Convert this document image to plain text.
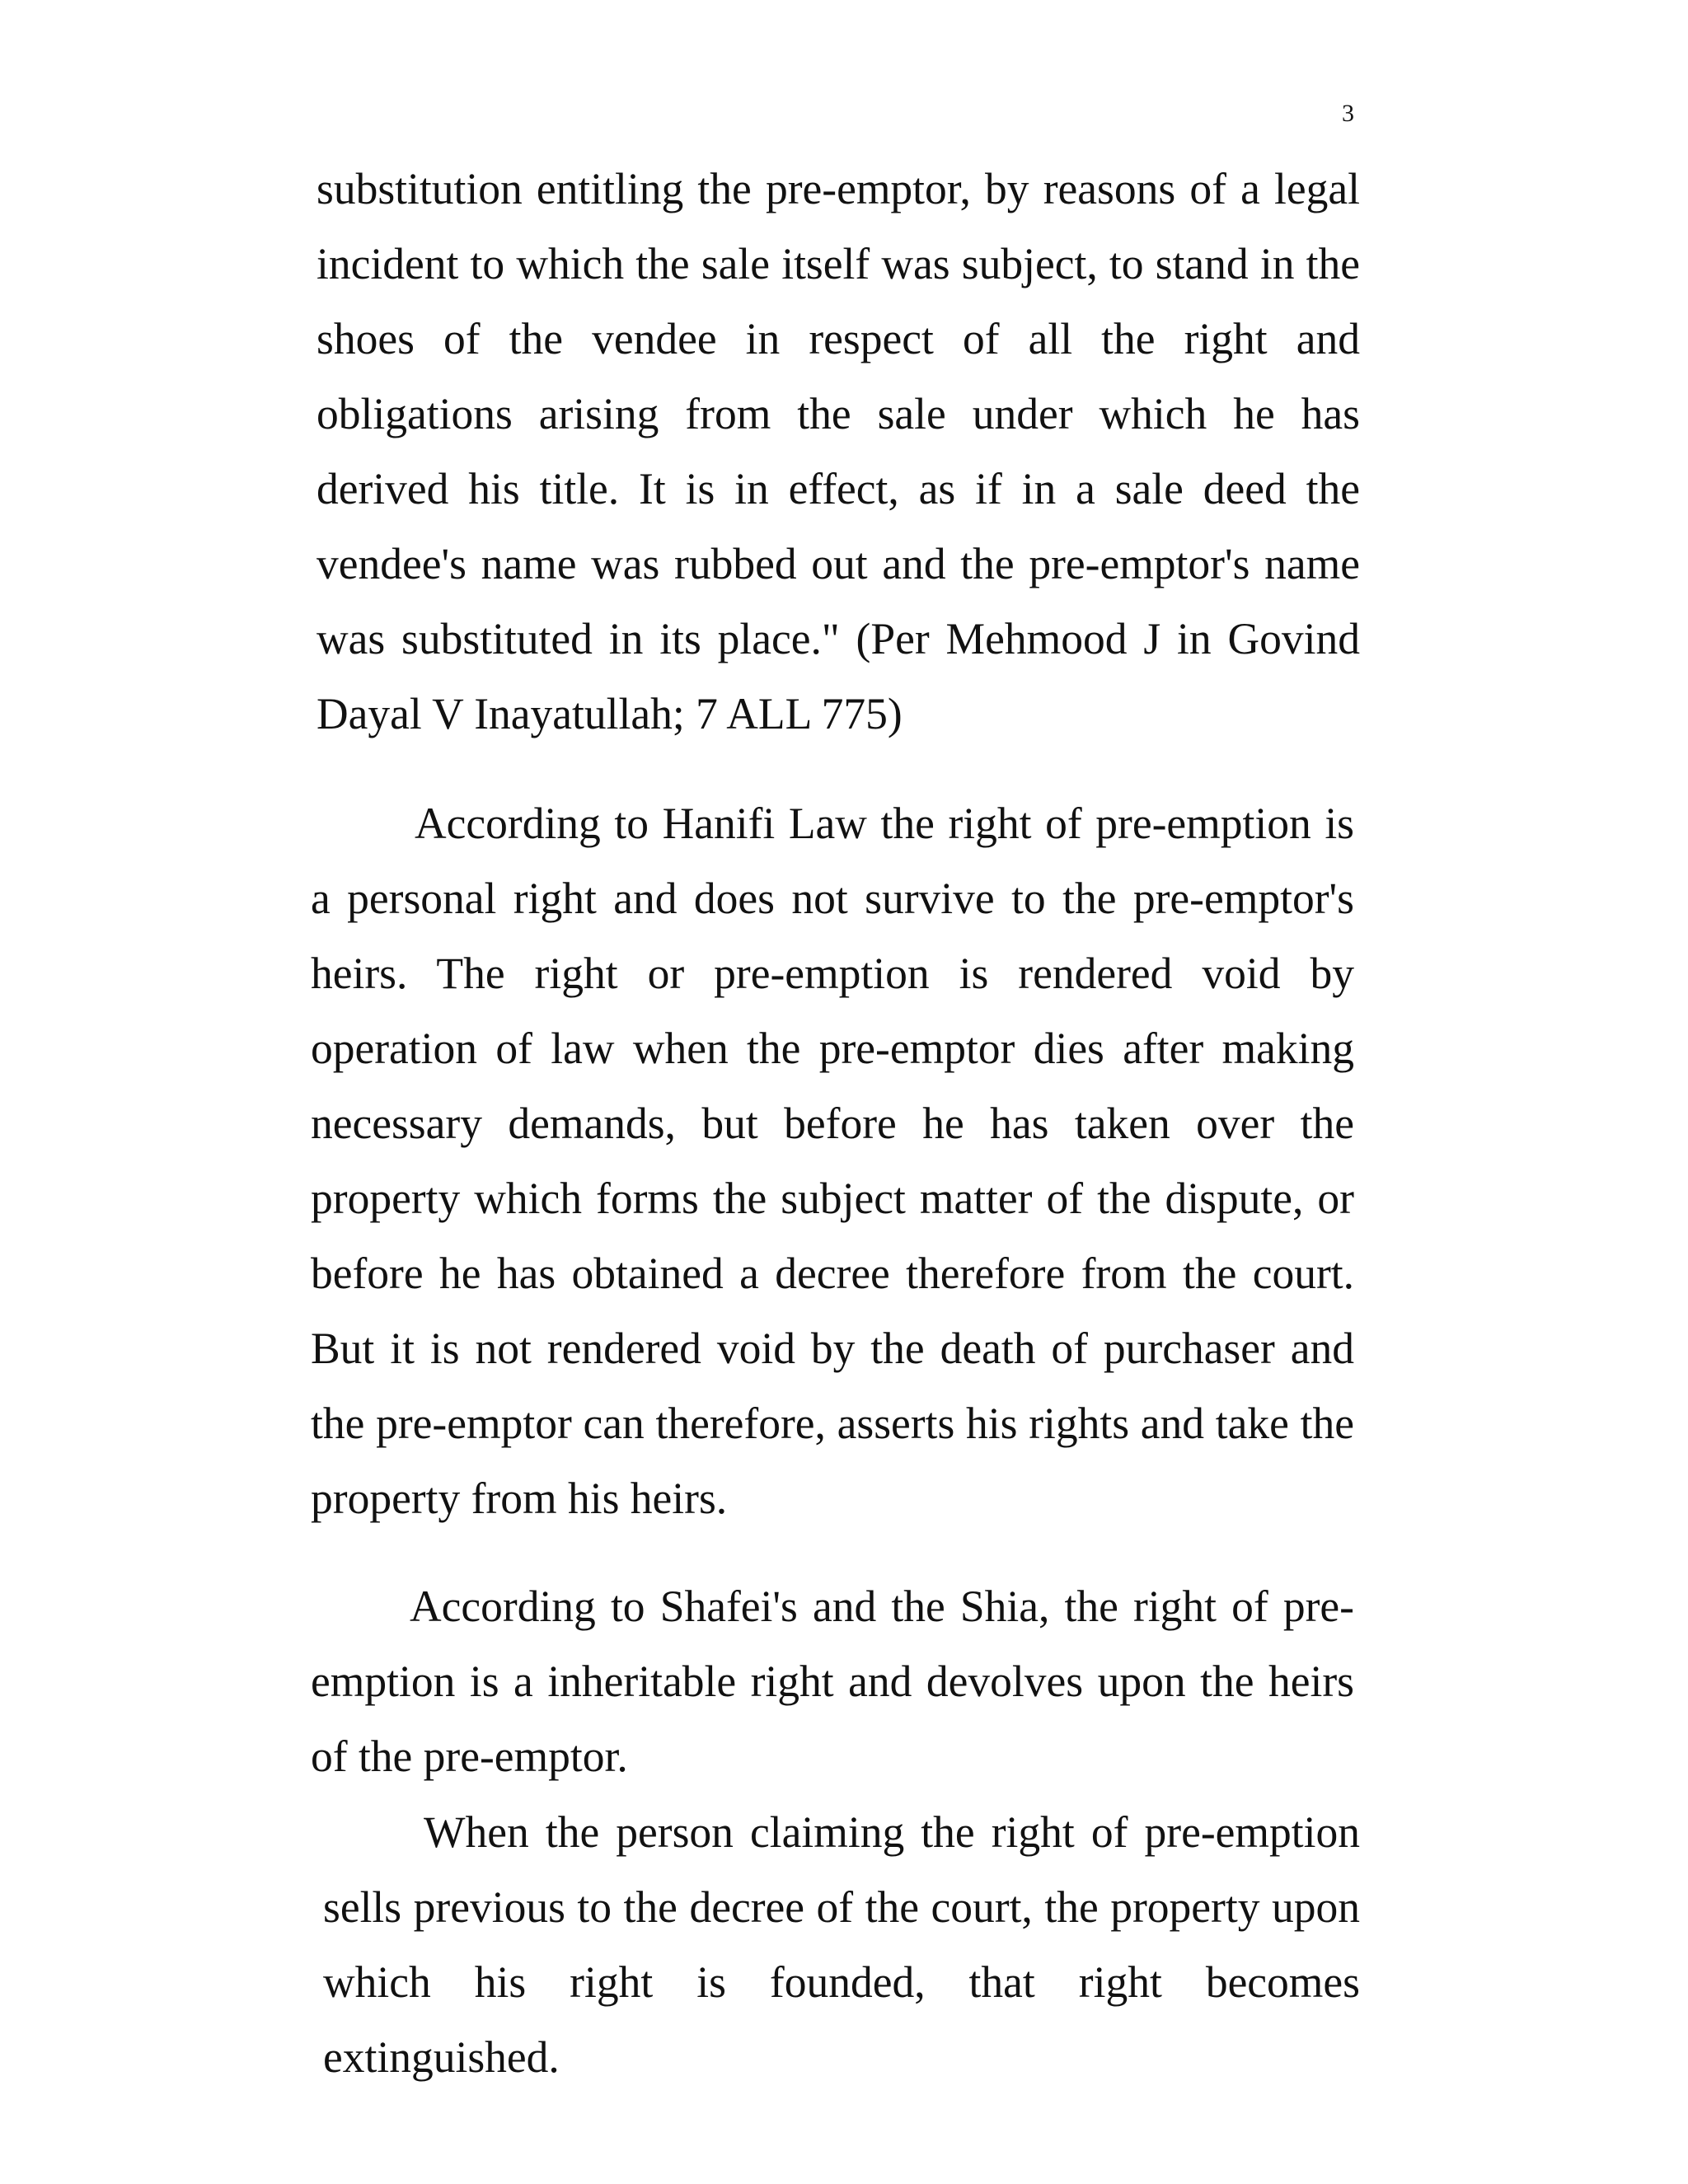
3

substitution entitling the pre-emptor, by reasons of a legal incident to which the sale itself was subject, to stand in the shoes of the vendee in respect of all the right and obligations arising from the sale under which he has derived his title. It is in effect, as if in a sale deed the vendee's name was rubbed out and the pre-emptor's name was substituted in its place." (Per Mehmood J in Govind Dayal V Inayatullah; 7 ALL 775)

According to Hanifi Law the right of pre-emption is a personal right and does not survive to the pre-emptor's heirs. The right or pre-emption is rendered void by operation of law when the pre-emptor dies after making necessary demands, but before he has taken over the property which forms the subject matter of the dispute, or before he has obtained a decree therefore from the court. But it is not rendered void by the death of purchaser and the pre-emptor can therefore, asserts his rights and take the property from his heirs.

According to Shafei's and the Shia, the right of pre-emption is a inheritable right and devolves upon the heirs of the pre-emptor.

When the person claiming the right of pre-emption sells previous to the decree of the court, the property upon which his right is founded, that right becomes extinguished.
